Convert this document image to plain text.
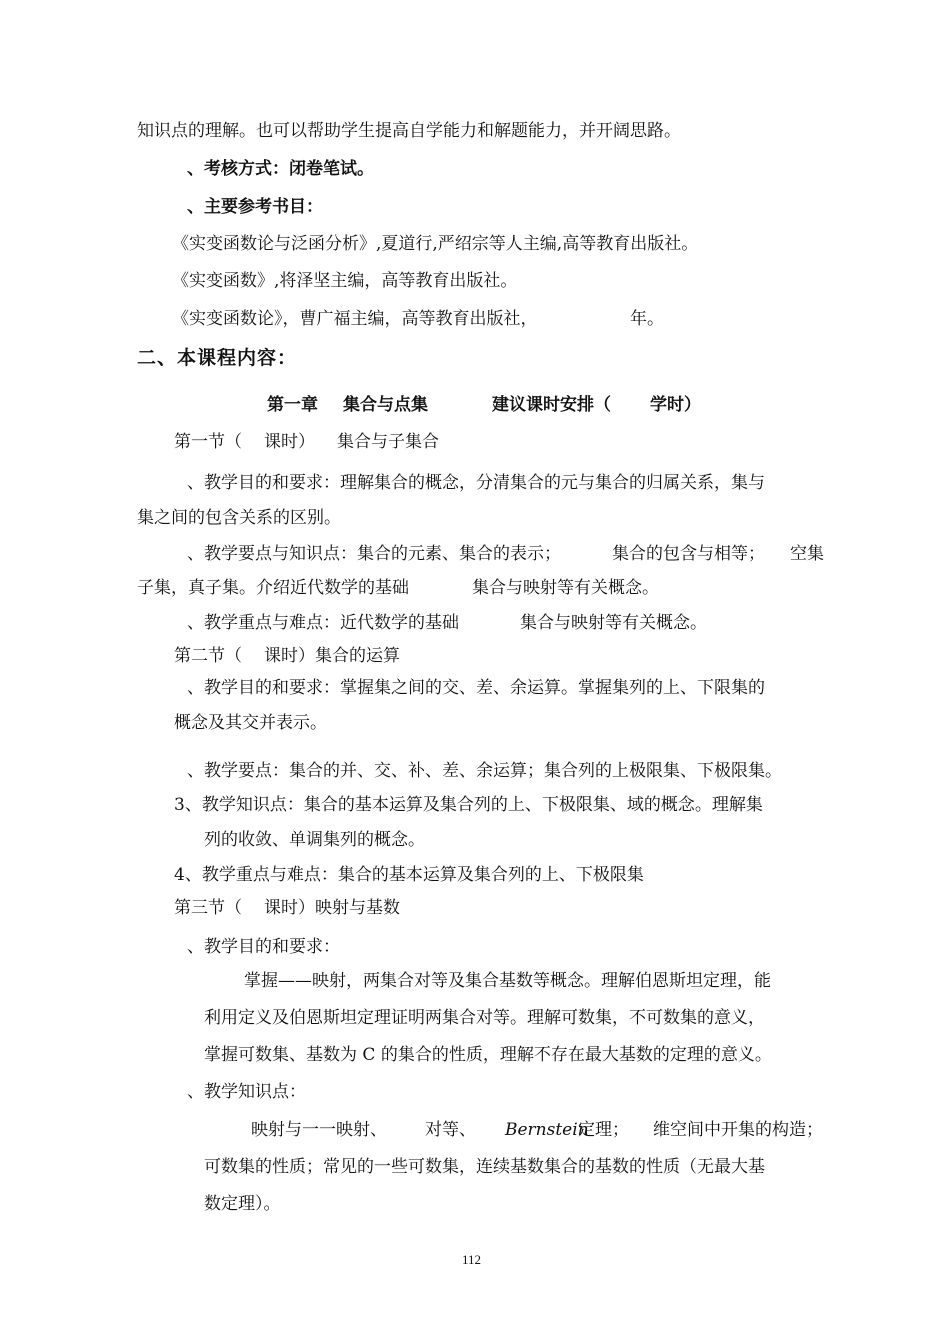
知识点的理解。也可以帮助学生提高自学能力和解题能力，并开阔思路。
、考核方式：闭卷笔试。
、主要参考书目：
《实变函数论与泛函分析》,夏道行,严绍宗等人主编,高等教育出版社。
《实变函数》,将泽坚主编，高等教育出版社。
《实变函数论》，曹广福主编，高等教育出版社，	年。
二、本课程内容：
第一章 集合与点集	建议课时安排（ 学时）
第一节（ 课时） 集合与子集合
、教学目的和要求：理解集合的概念，分清集合的元与集合的归属关系，集与
集之间的包含关系的区别。
、教学要点与知识点：集合的元素、集合的表示；	集合的包含与相等； 空集
子集，真子集。介绍近代数学的基础	集合与映射等有关概念。
、教学重点与难点：近代数学的基础	集合与映射等有关概念。
第二节（ 课时）集合的运算
、教学目的和要求：掌握集之间的交、差、余运算。掌握集列的上、下限集的
概念及其交并表示。
、教学要点：集合的并、交、补、差、余运算；集合列的上极限集、下极限集。
3、教学知识点：集合的基本运算及集合列的上、下极限集、域的概念。理解集
列的收敛、单调集列的概念。
4、教学重点与难点：集合的基本运算及集合列的上、下极限集
第三节（ 课时）映射与基数
、教学目的和要求：
掌握——映射，两集合对等及集合基数等概念。理解伯恩斯坦定理，能
利用定义及伯恩斯坦定理证明两集合对等。理解可数集，不可数集的意义，
掌握可数集、基数为 C 的集合的性质，理解不存在最大基数的定理的意义。
、教学知识点：
映射与一一映射、 对等、 Bernstein
定理； 维空间中开集的构造；
可数集的性质；常见的一些可数集，连续基数集合的基数的性质（无最大基
数定理）。
112
